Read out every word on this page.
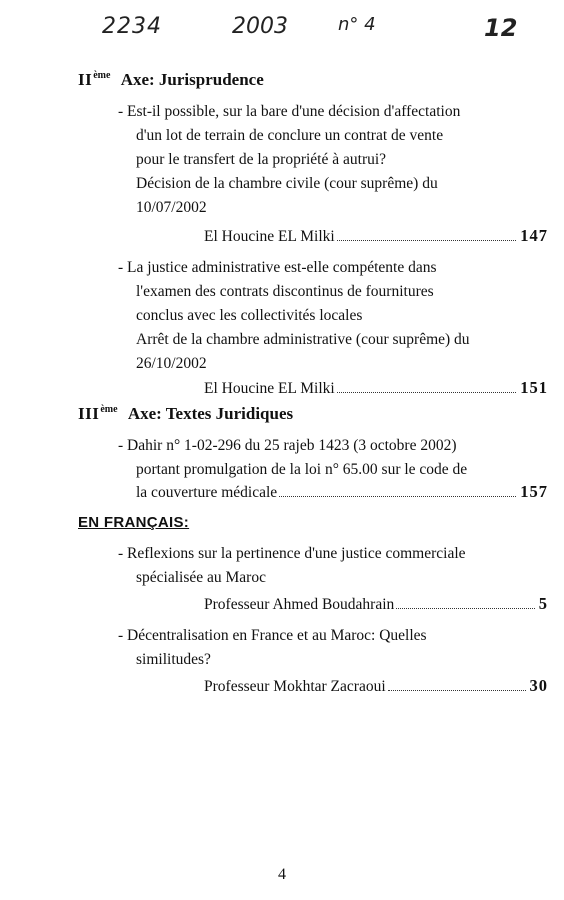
2234	2003	n° 4	12
IIème Axe: Jurisprudence
- Est-il possible, sur la bare d'une décision d'affectation
d'un lot de terrain de conclure un contrat de vente
pour le transfert de la propriété à autrui?
Décision de la chambre civile (cour suprême) du
10/07/2002
El Houcine EL Milki	147
- La justice administrative est-elle compétente dans
l'examen des contrats discontinus de fournitures
conclus avec les collectivités locales
Arrêt de la chambre administrative (cour suprême) du
26/10/2002
El Houcine EL Milki	151
IIIème Axe: Textes Juridiques
- Dahir n° 1-02-296 du 25 rajeb 1423 (3 octobre 2002)
portant promulgation de la loi n° 65.00 sur le code de
la couverture médicale	157
EN FRANÇAIS:
- Reflexions sur la pertinence d'une justice commerciale
spécialisée au Maroc
Professeur Ahmed Boudahrain	5
- Décentralisation en France et au Maroc: Quelles
similitudes?
Professeur Mokhtar Zacraoui	30
4
